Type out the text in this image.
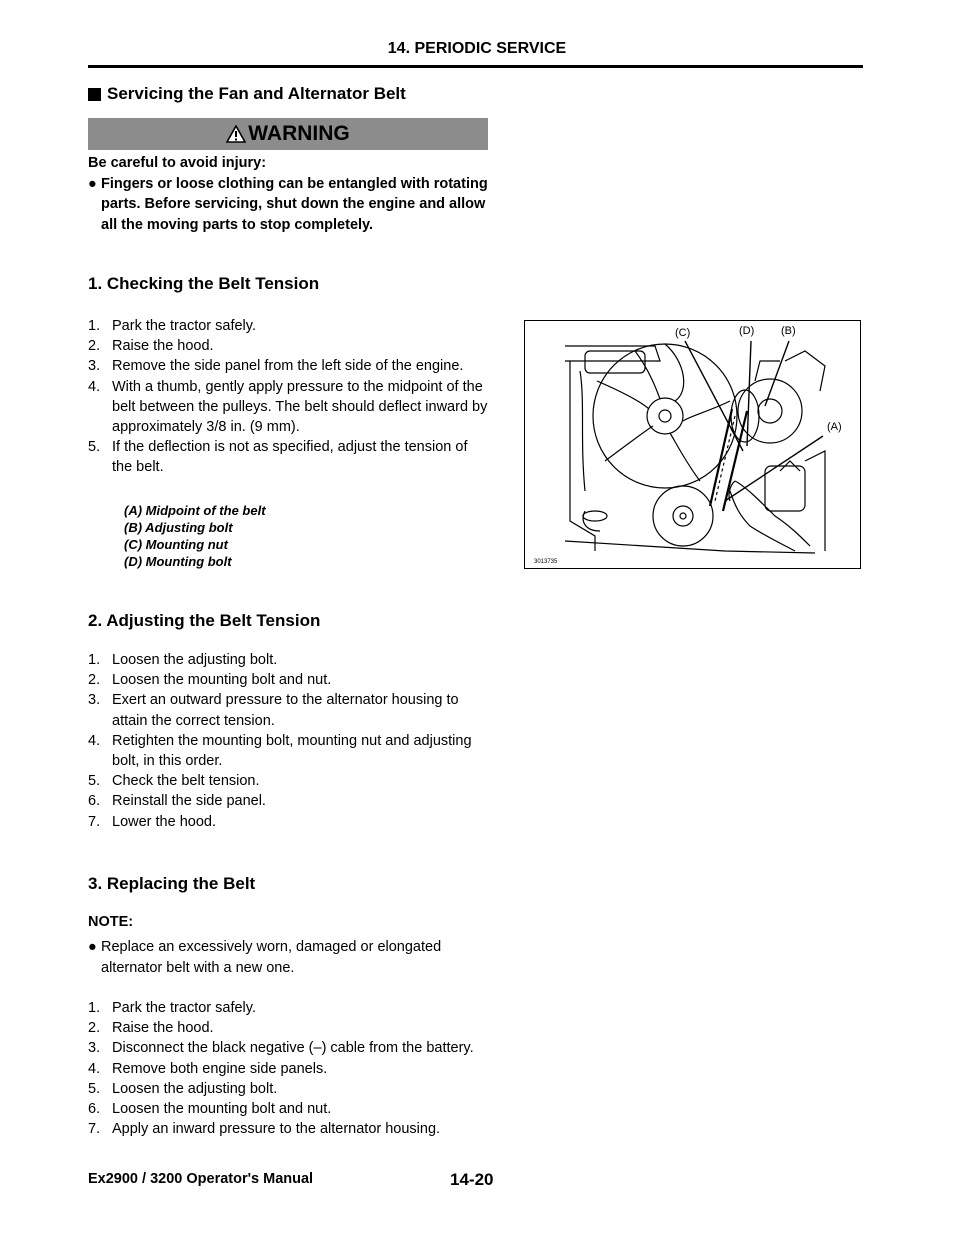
14. PERIODIC SERVICE
Servicing the Fan and Alternator Belt
WARNING
Be careful to avoid injury:
● Fingers or loose clothing can be entangled with rotating parts. Before servicing, shut down the engine and allow all the moving parts to stop completely.
1. Checking the Belt Tension
1. Park the tractor safely.
2. Raise the hood.
3. Remove the side panel from the left side of the engine.
4. With a thumb, gently apply pressure to the midpoint of the belt between the pulleys. The belt should deflect inward by approximately 3/8 in. (9 mm).
5. If the deflection is not as specified, adjust the tension of the belt.
(A) Midpoint of the belt
(B) Adjusting bolt
(C) Mounting nut
(D) Mounting bolt
(C)	(D) (B)
(A)
3013735
2. Adjusting the Belt Tension
1. Loosen the adjusting bolt.
2. Loosen the mounting bolt and nut.
3. Exert an outward pressure to the alternator housing to attain the correct tension.
4. Retighten the mounting bolt, mounting nut and adjusting bolt, in this order.
5. Check the belt tension.
6. Reinstall the side panel.
7. Lower the hood.
3. Replacing the Belt
NOTE:
● Replace an excessively worn, damaged or elongated alternator belt with a new one.
1. Park the tractor safely.
2. Raise the hood.
3. Disconnect the black negative (–) cable from the battery.
4. Remove both engine side panels.
5. Loosen the adjusting bolt.
6. Loosen the mounting bolt and nut.
7. Apply an inward pressure to the alternator housing.
Ex2900 / 3200 Operator's Manual	14-20
